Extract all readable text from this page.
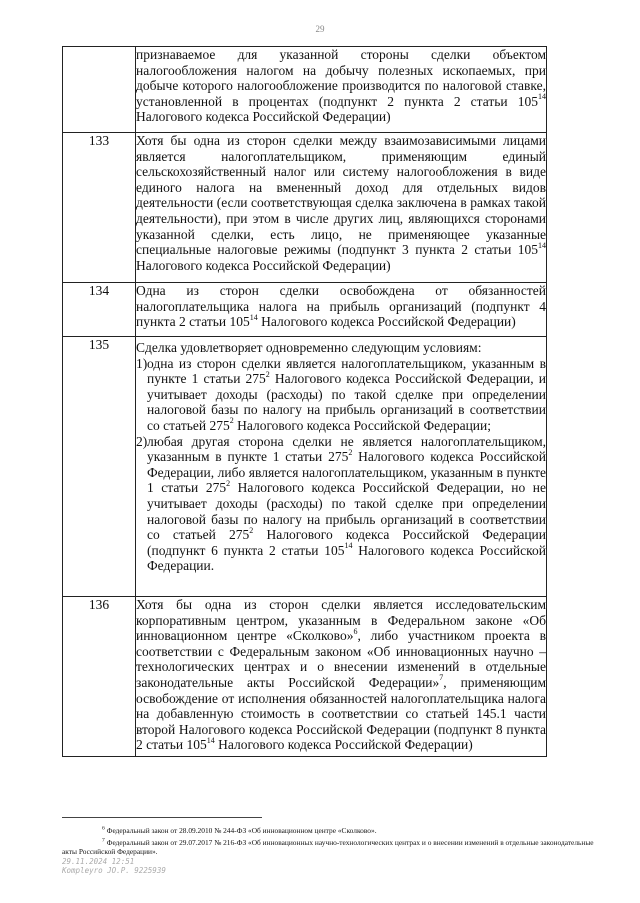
29

	признаваемое для указанной стороны сделки объектом налогообложения налогом на добычу полезных ископаемых, при добыче которого налогообложение производится по налоговой ставке, установленной в процентах (подпункт 2 пункта 2 статьи $105^{14}$ Налогового кодекса Российской Федерации)

133	Хотя бы одна из сторон сделки между взаимозависимыми лицами является налогоплательщиком, применяющим единый сельскохозяйственный налог или систему налогообложения в виде единого налога на вмененный доход для отдельных видов деятельности (если соответствующая сделка заключена в рамках такой деятельности), при этом в числе других лиц, являющихся сторонами указанной сделки, есть лицо, не применяющее указанные специальные налоговые режимы (подпункт 3 пункта 2 статьи $105^{14}$ Налогового кодекса Российской Федерации)

134	Одна из сторон сделки освобождена от обязанностей налогоплательщика налога на прибыль организаций (подпункт 4 пункта 2 статьи $105^{14}$ Налогового кодекса Российской Федерации)

135	Сделка удовлетворяет одновременно следующим условиям:

1) одна из сторон сделки является налогоплательщиком, указанным в пункте 1 статьи $275^2$ Налогового кодекса Российской Федерации, и учитывает доходы (расходы) по такой сделке при определении налоговой базы по налогу на прибыль организаций в соответствии со статьей $275^2$ Налогового кодекса Российской Федерации;

2) любая другая сторона сделки не является налогоплательщиком, указанным в пункте 1 статьи $275^2$ Налогового кодекса Российской Федерации, либо является налогоплательщиком, указанным в пункте 1 статьи $275^2$ Налогового кодекса Российской Федерации, но не учитывает доходы (расходы) по такой сделке при определении налоговой базы по налогу на прибыль организаций в соответствии со статьей $275^2$ Налогового кодекса Российской Федерации (подпункт 6 пункта 2 статьи $105^{14}$ Налогового кодекса Российской Федерации.

136	Хотя бы одна из сторон сделки является исследовательским корпоративным центром, указанным в Федеральном законе «Об инновационном центре «Сколково»$^6$, либо участником проекта в соответствии с Федеральным законом «Об инновационных научно – технологических центрах и о внесении изменений в отдельные законодательные акты Российской Федерации»$^7$, применяющим освобождение от исполнения обязанностей налогоплательщика налога на добавленную стоимость в соответствии со статьей 145.1 части второй Налогового кодекса Российской Федерации (подпункт 8 пункта 2 статьи $105^{14}$ Налогового кодекса Российской Федерации)

$^6$ Федеральный закон от 28.09.2010 № 244-ФЗ «Об инновационном центре «Сколково».

$^7$ Федеральный закон от 29.07.2017 № 216-ФЗ «Об инновационных научно-технологических центрах и о внесении изменений в отдельные законодательные акты Российской Федерации».

29.11.2024 12:51
Kompleyro JO.P. 9225939
